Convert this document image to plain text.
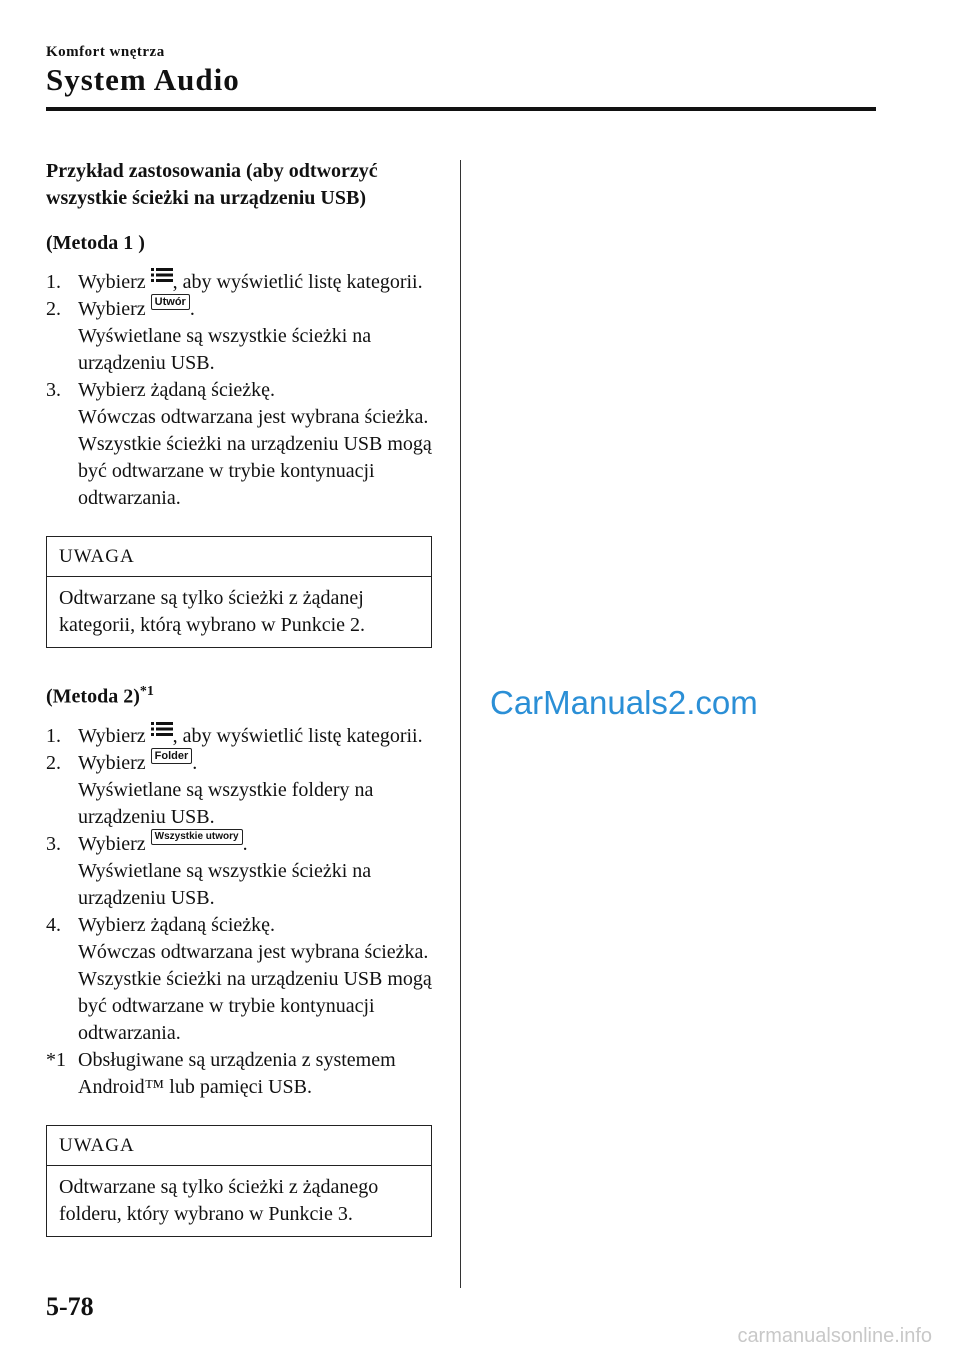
Komfort wnętrza
System Audio
Przykład zastosowania (aby odtworzyć wszystkie ścieżki na urządzeniu USB)
(Metoda 1 )
1. Wybierz , aby wyświetlić listę kategorii.
2. Wybierz Utwór .
Wyświetlane są wszystkie ścieżki na urządzeniu USB.
3. Wybierz żądaną ścieżkę.
Wówczas odtwarzana jest wybrana ścieżka. Wszystkie ścieżki na urządzeniu USB mogą być odtwarzane w trybie kontynuacji odtwarzania.
UWAGA
Odtwarzane są tylko ścieżki z żądanej kategorii, którą wybrano w Punkcie 2.
(Metoda 2)$^{*1}$
1. Wybierz , aby wyświetlić listę kategorii.
2. Wybierz Folder .
Wyświetlane są wszystkie foldery na urządzeniu USB.
3. Wybierz Wszystkie utwory .
Wyświetlane są wszystkie ścieżki na urządzeniu USB.
4. Wybierz żądaną ścieżkę.
Wówczas odtwarzana jest wybrana ścieżka. Wszystkie ścieżki na urządzeniu USB mogą być odtwarzane w trybie kontynuacji odtwarzania.
*1 Obsługiwane są urządzenia z systemem Android™ lub pamięci USB.
UWAGA
Odtwarzane są tylko ścieżki z żądanego folderu, który wybrano w Punkcie 3.
CarManuals2.com
5-78
carmanualsonline.info
